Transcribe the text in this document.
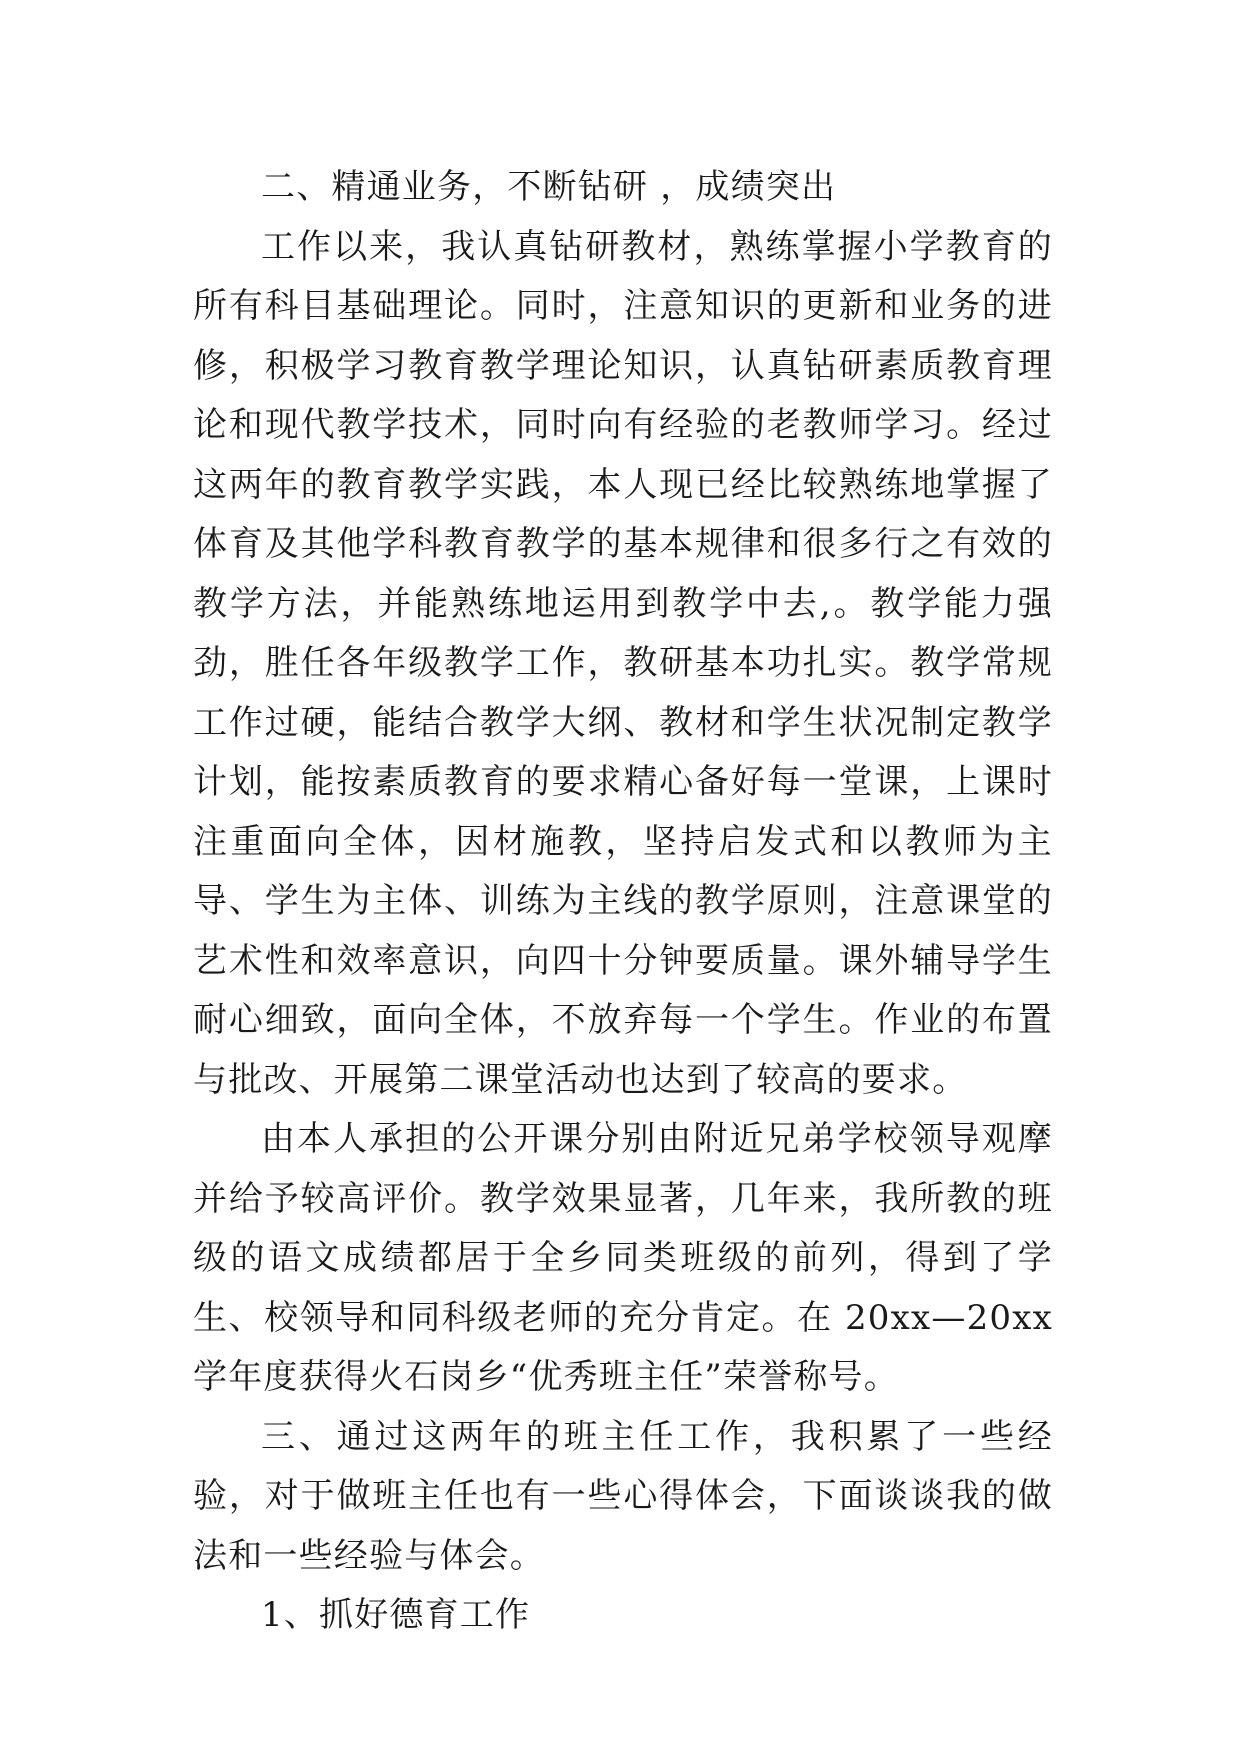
二、精通业务，不断钻研 ，成绩突出

工作以来，我认真钻研教材，熟练掌握小学教育的所有科目基础理论。同时，注意知识的更新和业务的进修，积极学习教育教学理论知识，认真钻研素质教育理论和现代教学技术，同时向有经验的老教师学习。经过这两年的教育教学实践，本人现已经比较熟练地掌握了体育及其他学科教育教学的基本规律和很多行之有效的教学方法，并能熟练地运用到教学中去,。教学能力强劲，胜任各年级教学工作，教研基本功扎实。教学常规工作过硬，能结合教学大纲、教材和学生状况制定教学计划，能按素质教育的要求精心备好每一堂课，上课时注重面向全体，因材施教，坚持启发式和以教师为主导、学生为主体、训练为主线的教学原则，注意课堂的艺术性和效率意识，向四十分钟要质量。课外辅导学生耐心细致，面向全体，不放弃每一个学生。作业的布置与批改、开展第二课堂活动也达到了较高的要求。

由本人承担的公开课分别由附近兄弟学校领导观摩并给予较高评价。教学效果显著，几年来，我所教的班级的语文成绩都居于全乡同类班级的前列，得到了学生、校领导和同科级老师的充分肯定。在 20xx—20xx 学年度获得火石岗乡“优秀班主任”荣誉称号。

三、通过这两年的班主任工作，我积累了一些经验，对于做班主任也有一些心得体会，下面谈谈我的做法和一些经验与体会。

1、抓好德育工作
